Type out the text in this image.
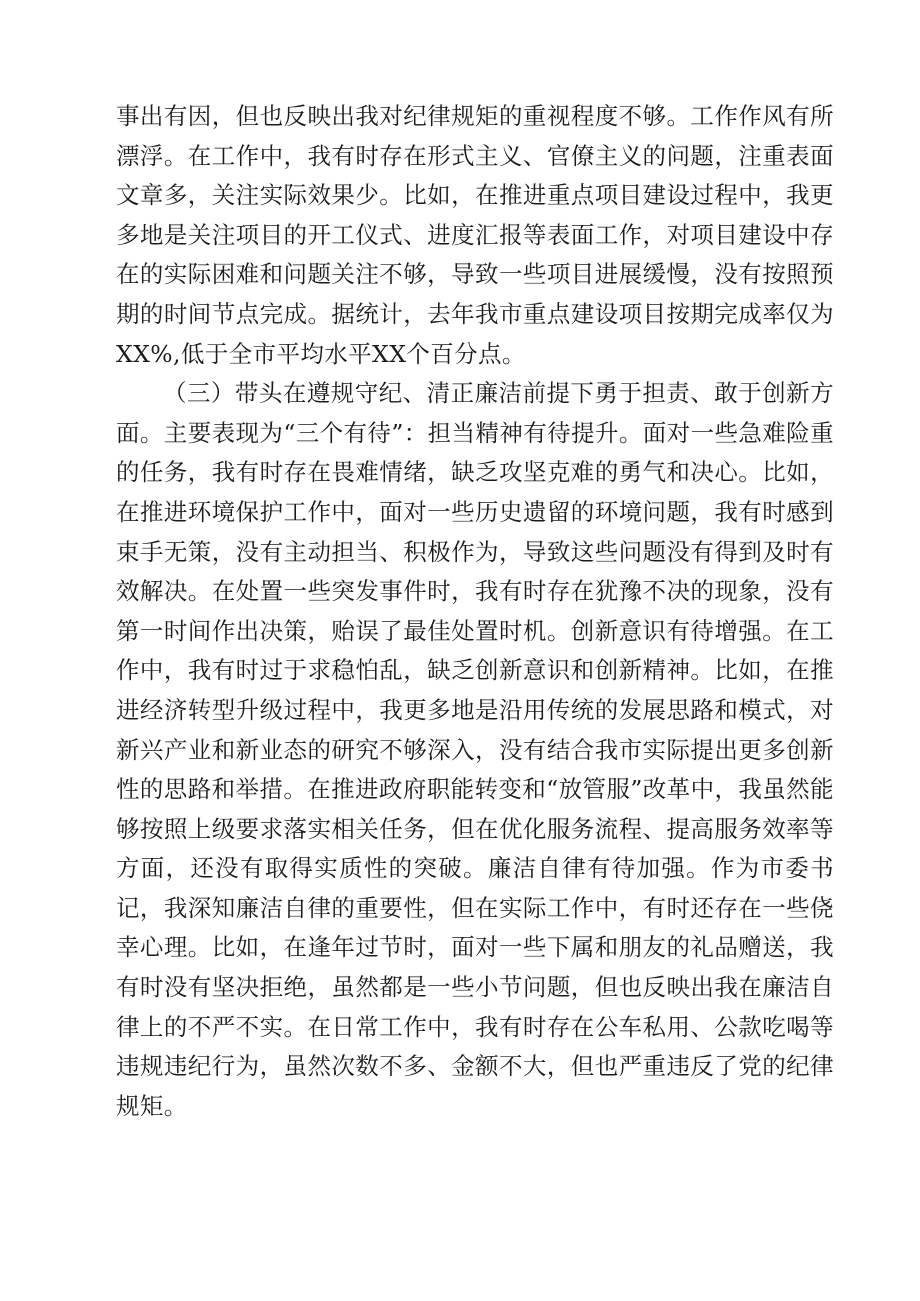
事出有因，但也反映出我对纪律规矩的重视程度不够。工作作风有所漂浮。在工作中，我有时存在形式主义、官僚主义的问题，注重表面文章多，关注实际效果少。比如，在推进重点项目建设过程中，我更多地是关注项目的开工仪式、进度汇报等表面工作，对项目建设中存在的实际困难和问题关注不够，导致一些项目进展缓慢，没有按照预期的时间节点完成。据统计，去年我市重点建设项目按期完成率仅为XX%,低于全市平均水平XX个百分点。

（三）带头在遵规守纪、清正廉洁前提下勇于担责、敢于创新方面。主要表现为“三个有待”：担当精神有待提升。面对一些急难险重的任务，我有时存在畏难情绪，缺乏攻坚克难的勇气和决心。比如，在推进环境保护工作中，面对一些历史遗留的环境问题，我有时感到束手无策，没有主动担当、积极作为，导致这些问题没有得到及时有效解决。在处置一些突发事件时，我有时存在犹豫不决的现象，没有第一时间作出决策，贻误了最佳处置时机。创新意识有待增强。在工作中，我有时过于求稳怕乱，缺乏创新意识和创新精神。比如，在推进经济转型升级过程中，我更多地是沿用传统的发展思路和模式，对新兴产业和新业态的研究不够深入，没有结合我市实际提出更多创新性的思路和举措。在推进政府职能转变和“放管服”改革中，我虽然能够按照上级要求落实相关任务，但在优化服务流程、提高服务效率等方面，还没有取得实质性的突破。廉洁自律有待加强。作为市委书记，我深知廉洁自律的重要性，但在实际工作中，有时还存在一些侥幸心理。比如，在逢年过节时，面对一些下属和朋友的礼品赠送，我有时没有坚决拒绝，虽然都是一些小节问题，但也反映出我在廉洁自律上的不严不实。在日常工作中，我有时存在公车私用、公款吃喝等违规违纪行为，虽然次数不多、金额不大，但也严重违反了党的纪律规矩。
